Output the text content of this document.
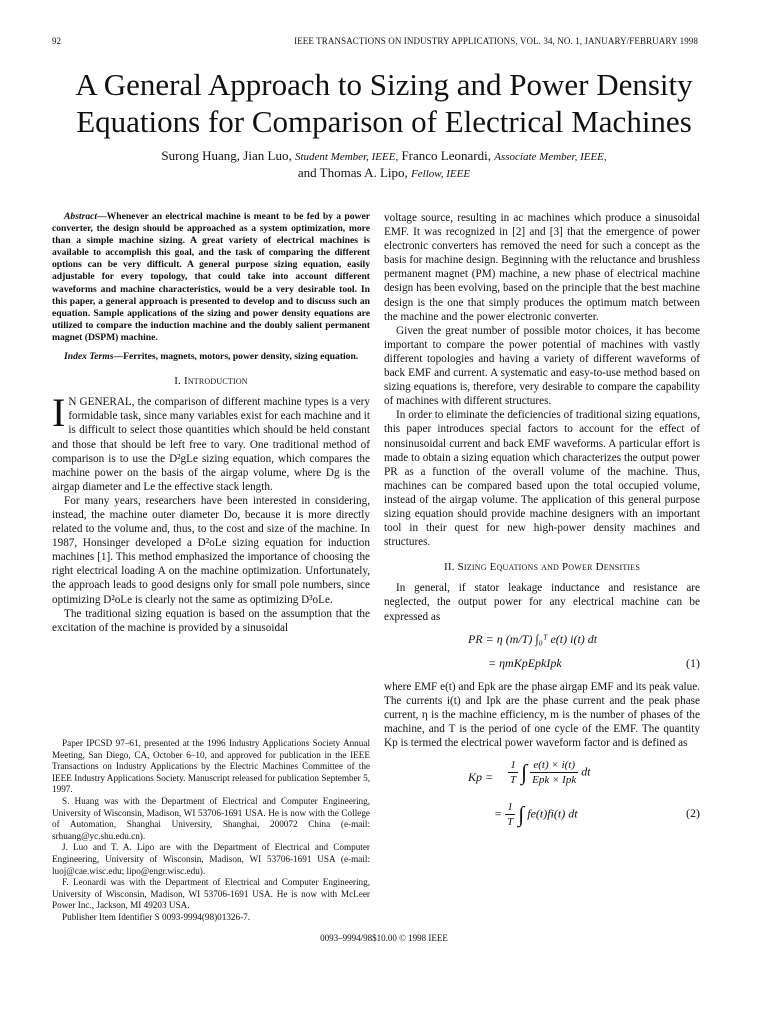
92	IEEE TRANSACTIONS ON INDUSTRY APPLICATIONS, VOL. 34, NO. 1, JANUARY/FEBRUARY 1998
A General Approach to Sizing and Power Density
Equations for Comparison of Electrical Machines
Surong Huang, Jian Luo, Student Member, IEEE, Franco Leonardi, Associate Member, IEEE,
and Thomas A. Lipo, Fellow, IEEE

Abstract—Whenever an electrical machine is meant to be fed by a power converter, the design should be approached as a system optimization, more than a simple machine sizing. A great variety of electrical machines is available to accomplish this goal, and the task of comparing the different options can be very difficult. A general purpose sizing equation, easily adjustable for every topology, that could take into account different waveforms and machine characteristics, would be a very desirable tool. In this paper, a general approach is presented to develop and to discuss such an equation. Sample applications of the sizing and power density equations are utilized to compare the induction machine and the doubly salient permanent magnet (DSPM) machine.

Index Terms—Ferrites, magnets, motors, power density, sizing equation.

I. Introduction
I N GENERAL, the comparison of different machine types is a very formidable task, since many variables exist for each machine and it is difficult to select those quantities which should be held constant and those that should be left free to vary. One traditional method of comparison is to use the D²gLe sizing equation, which compares the machine power on the basis of the airgap volume, where Dg is the airgap diameter and Le the effective stack length.

For many years, researchers have been interested in considering, instead, the machine outer diameter Do, because it is more directly related to the volume and, thus, to the cost and size of the machine. In 1987, Honsinger developed a D²oLe sizing equation for induction machines [1]. This method emphasized the importance of choosing the right electrical loading A on the machine optimization. Unfortunately, the approach leads to good designs only for small pole numbers, since optimizing D²oLe is clearly not the same as optimizing D³oLe.

The traditional sizing equation is based on the assumption that the excitation of the machine is provided by a sinusoidal

Paper IPCSD 97–61, presented at the 1996 Industry Applications Society Annual Meeting, San Diego, CA, October 6–10, and approved for publication in the IEEE Transactions on Industry Applications by the Electric Machines Committee of the IEEE Industry Applications Society. Manuscript released for publication September 5, 1997.

S. Huang was with the Department of Electrical and Computer Engineering, University of Wisconsin, Madison, WI 53706-1691 USA. He is now with the College of Automation, Shanghai University, Shanghai, 200072 China (e-mail: srhuang@yc.shu.edu.cn).

J. Luo and T. A. Lipo are with the Department of Electrical and Computer Engineering, University of Wisconsin, Madison, WI 53706-1691 USA (e-mail: luoj@cae.wisc.edu; lipo@engr.wisc.edu).

F. Leonardi was with the Department of Electrical and Computer Engineering, University of Wisconsin, Madison, WI 53706-1691 USA. He is now with McLeer Power Inc., Jackson, MI 49203 USA.

Publisher Item Identifier S 0093-9994(98)01326-7.

voltage source, resulting in ac machines which produce a sinusoidal EMF. It was recognized in [2] and [3] that the emergence of power electronic converters has removed the need for such a concept as the basis for machine design. Beginning with the reluctance and brushless permanent magnet (PM) machine, a new phase of electrical machine design has been evolving, based on the principle that the best machine design is the one that simply produces the optimum match between the machine and the power electronic converter.

Given the great number of possible motor choices, it has become important to compare the power potential of machines with vastly different topologies and having a variety of different waveforms of back EMF and current. A systematic and easy-to-use method based on sizing equations is, therefore, very desirable to compare the capability of machines with different structures.

In order to eliminate the deficiencies of traditional sizing equations, this paper introduces special factors to account for the effect of nonsinusoidal current and back EMF waveforms. A particular effort is made to obtain a sizing equation which characterizes the output power PR as a function of the overall volume of the machine. Thus, machines can be compared based upon the total occupied volume, instead of the airgap volume. The application of this general purpose sizing equation should provide machine designers with an important tool in their quest for new high-power density machines and structures.

II. Sizing Equations and Power Densities

In general, if stator leakage inductance and resistance are neglected, the output power for any electrical machine can be expressed as

PR = η (m/T) ∫₀ᵀ e(t) i(t) dt
= ηmKpEpkIpk	(1)

where EMF e(t) and Epk are the phase airgap EMF and its peak value. The currents i(t) and Ipk are the phase current and the peak phase current, η is the machine efficiency, m is the number of phases of the machine, and T is the period of one cycle of the EMF. The quantity Kp is termed the electrical power waveform factor and is defined as

$Kp = \frac{1}{T}$ ∫ $\frac{e(t) \times i(t)}{\text{Epk × Ipk}}$ dt
= $\frac{1}{T}$ ∫ fe(t)fi(t) dt	(2)
0093–9994/98$10.00 © 1998 IEEE
